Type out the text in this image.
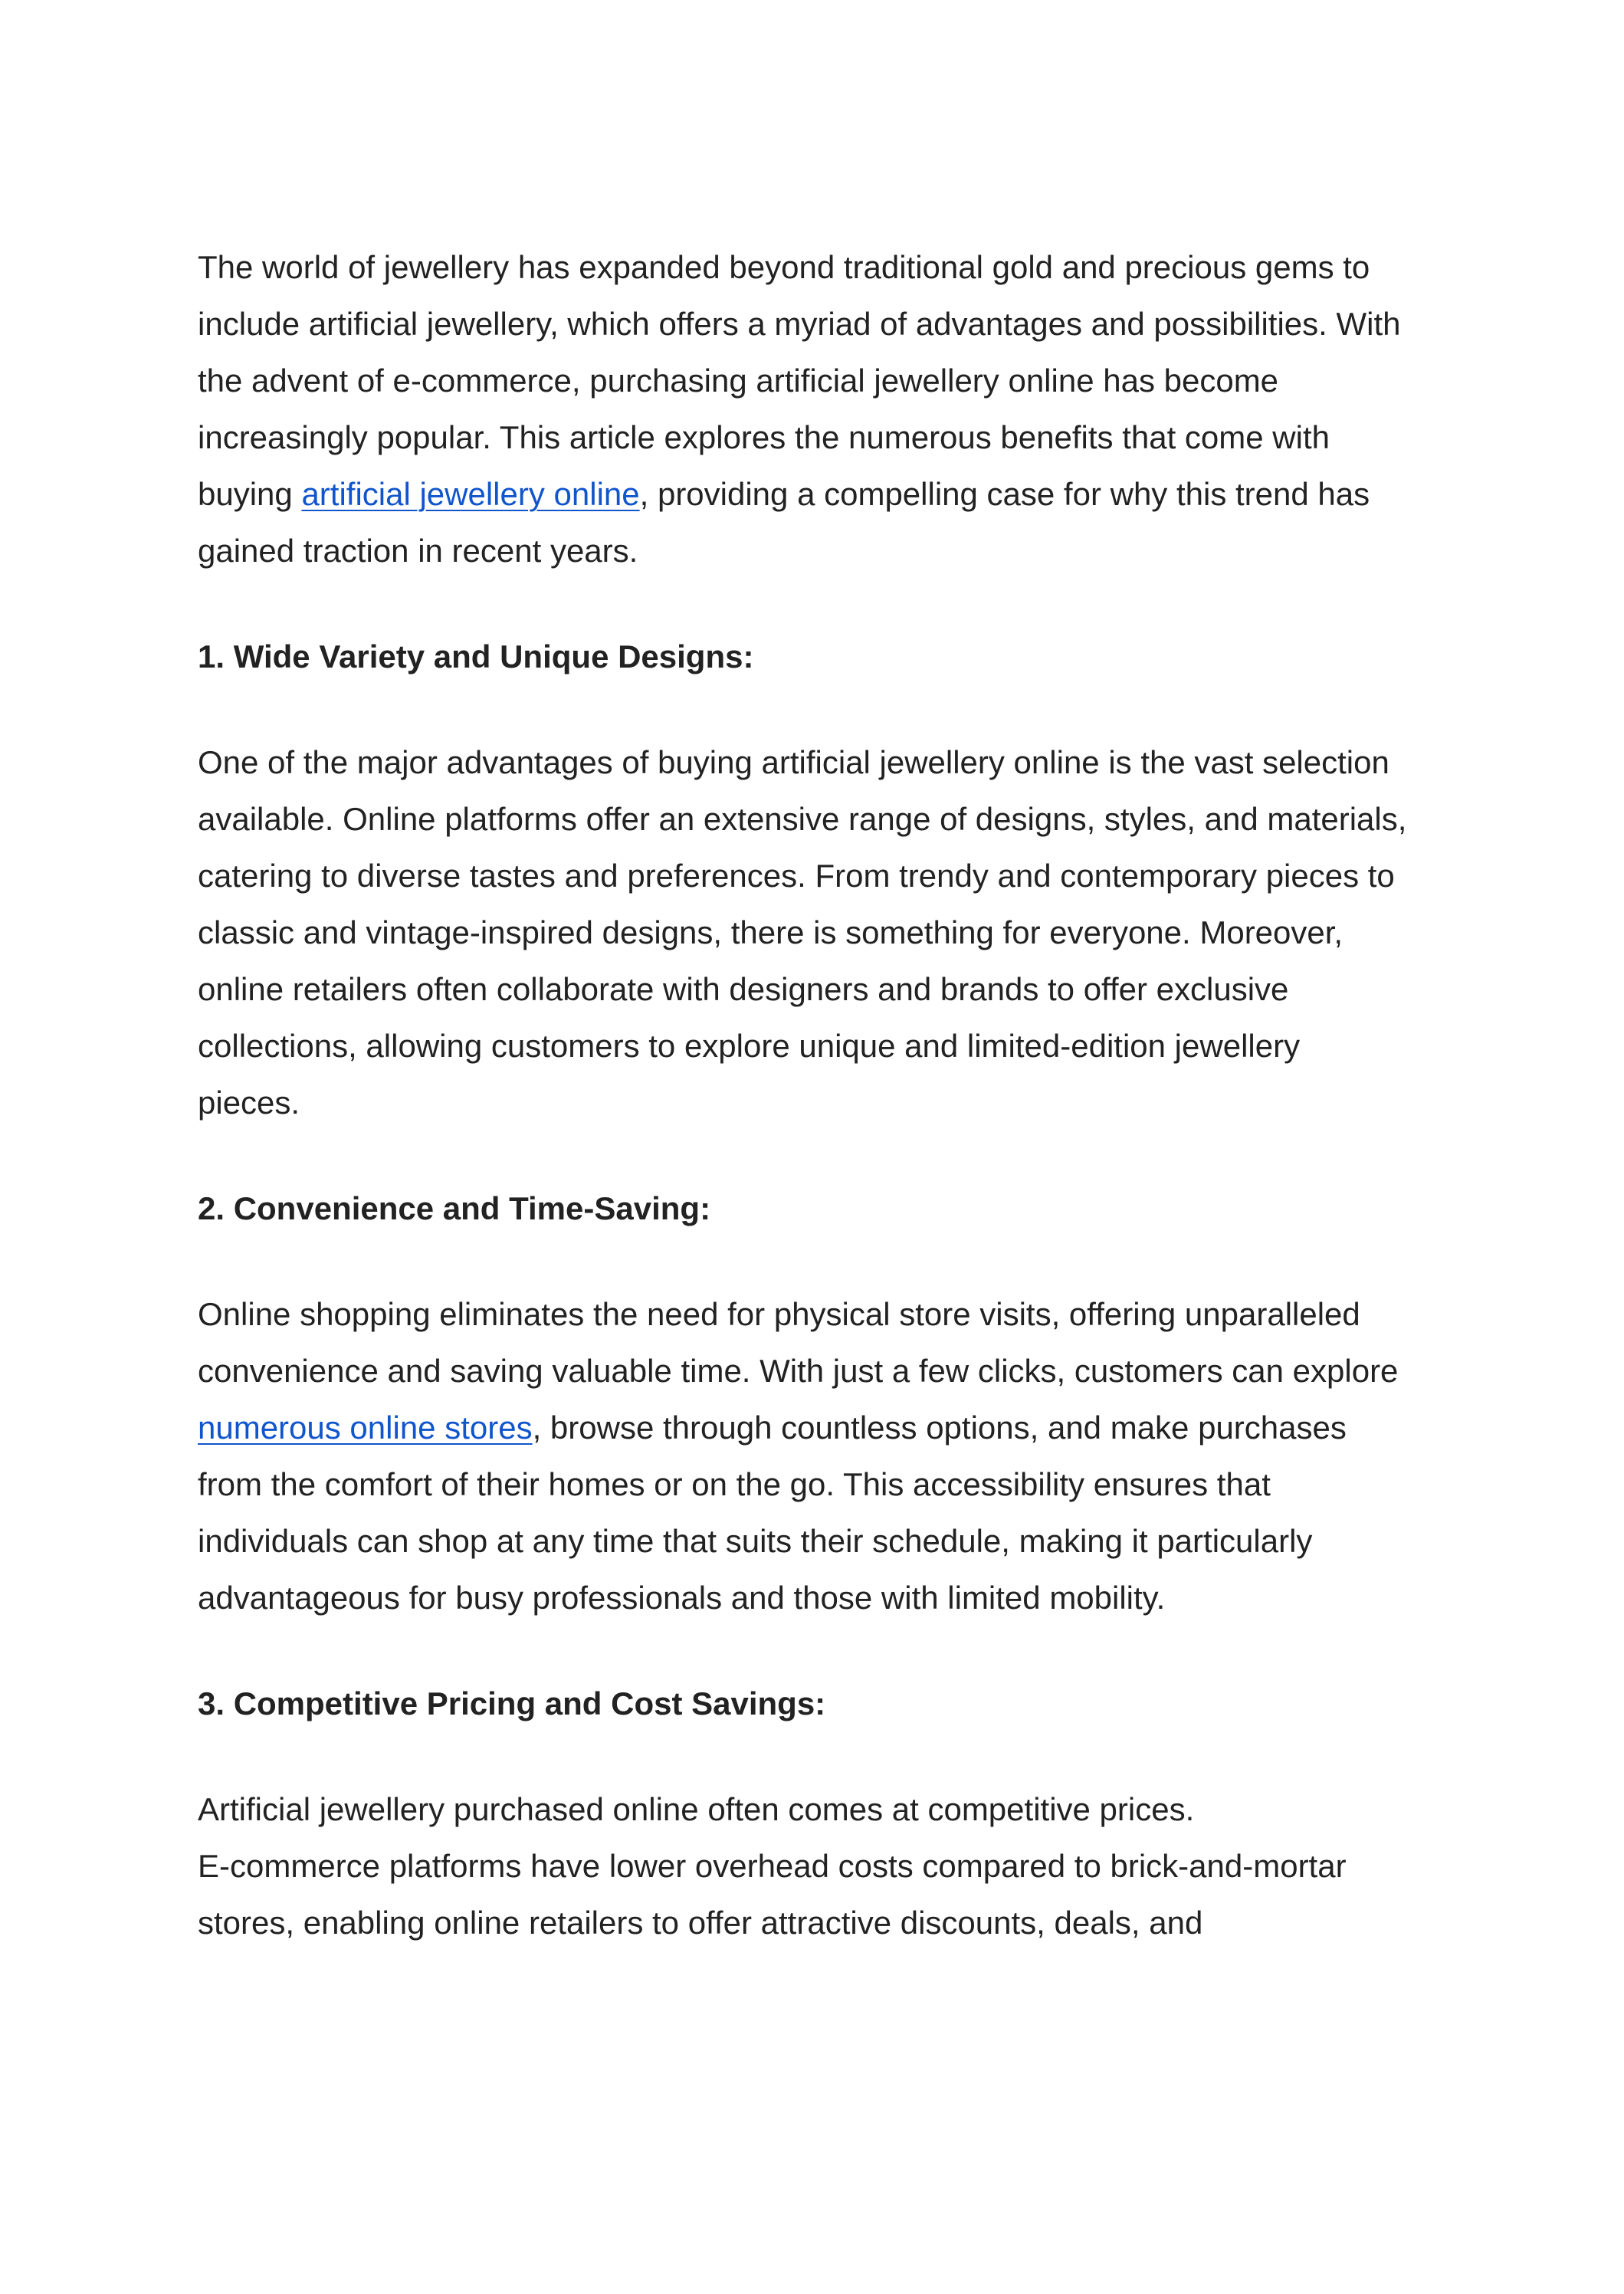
The world of jewellery has expanded beyond traditional gold and precious gems to include artificial jewellery, which offers a myriad of advantages and possibilities. With the advent of e-commerce, purchasing artificial jewellery online has become increasingly popular. This article explores the numerous benefits that come with buying artificial jewellery online, providing a compelling case for why this trend has gained traction in recent years.

1. Wide Variety and Unique Designs:

One of the major advantages of buying artificial jewellery online is the vast selection available. Online platforms offer an extensive range of designs, styles, and materials, catering to diverse tastes and preferences. From trendy and contemporary pieces to classic and vintage-inspired designs, there is something for everyone. Moreover, online retailers often collaborate with designers and brands to offer exclusive collections, allowing customers to explore unique and limited-edition jewellery pieces.

2. Convenience and Time-Saving:

Online shopping eliminates the need for physical store visits, offering unparalleled convenience and saving valuable time. With just a few clicks, customers can explore numerous online stores, browse through countless options, and make purchases from the comfort of their homes or on the go. This accessibility ensures that individuals can shop at any time that suits their schedule, making it particularly advantageous for busy professionals and those with limited mobility.

3. Competitive Pricing and Cost Savings:

Artificial jewellery purchased online often comes at competitive prices.
E-commerce platforms have lower overhead costs compared to brick-and-mortar stores, enabling online retailers to offer attractive discounts, deals, and
